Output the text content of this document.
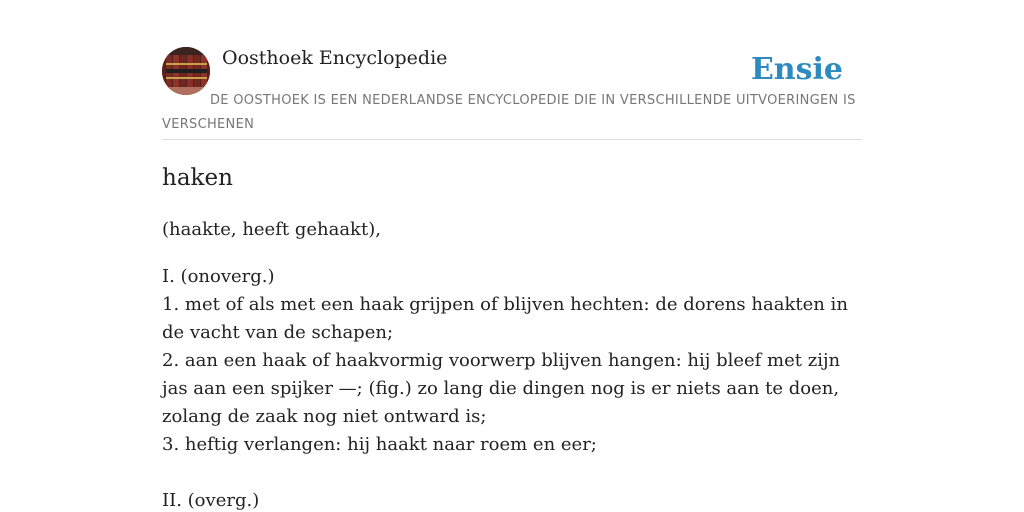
Oosthoek Encyclopedie	Ensie

DE OOSTHOEK IS EEN NEDERLANDSE ENCYCLOPEDIE DIE IN VERSCHILLENDE UITVOERINGEN IS VERSCHENEN

haken

(haakte, heeft gehaakt),

I. (onoverg.)
1. met of als met een haak grijpen of blijven hechten: de dorens haakten in de vacht van de schapen;
2. aan een haak of haakvormig voorwerp blijven hangen: hij bleef met zijn jas aan een spijker —; (fig.) zo lang die dingen nog is er niets aan te doen, zolang de zaak nog niet ontward is;
3. heftig verlangen: hij haakt naar roem en eer;
II. (overg.)
